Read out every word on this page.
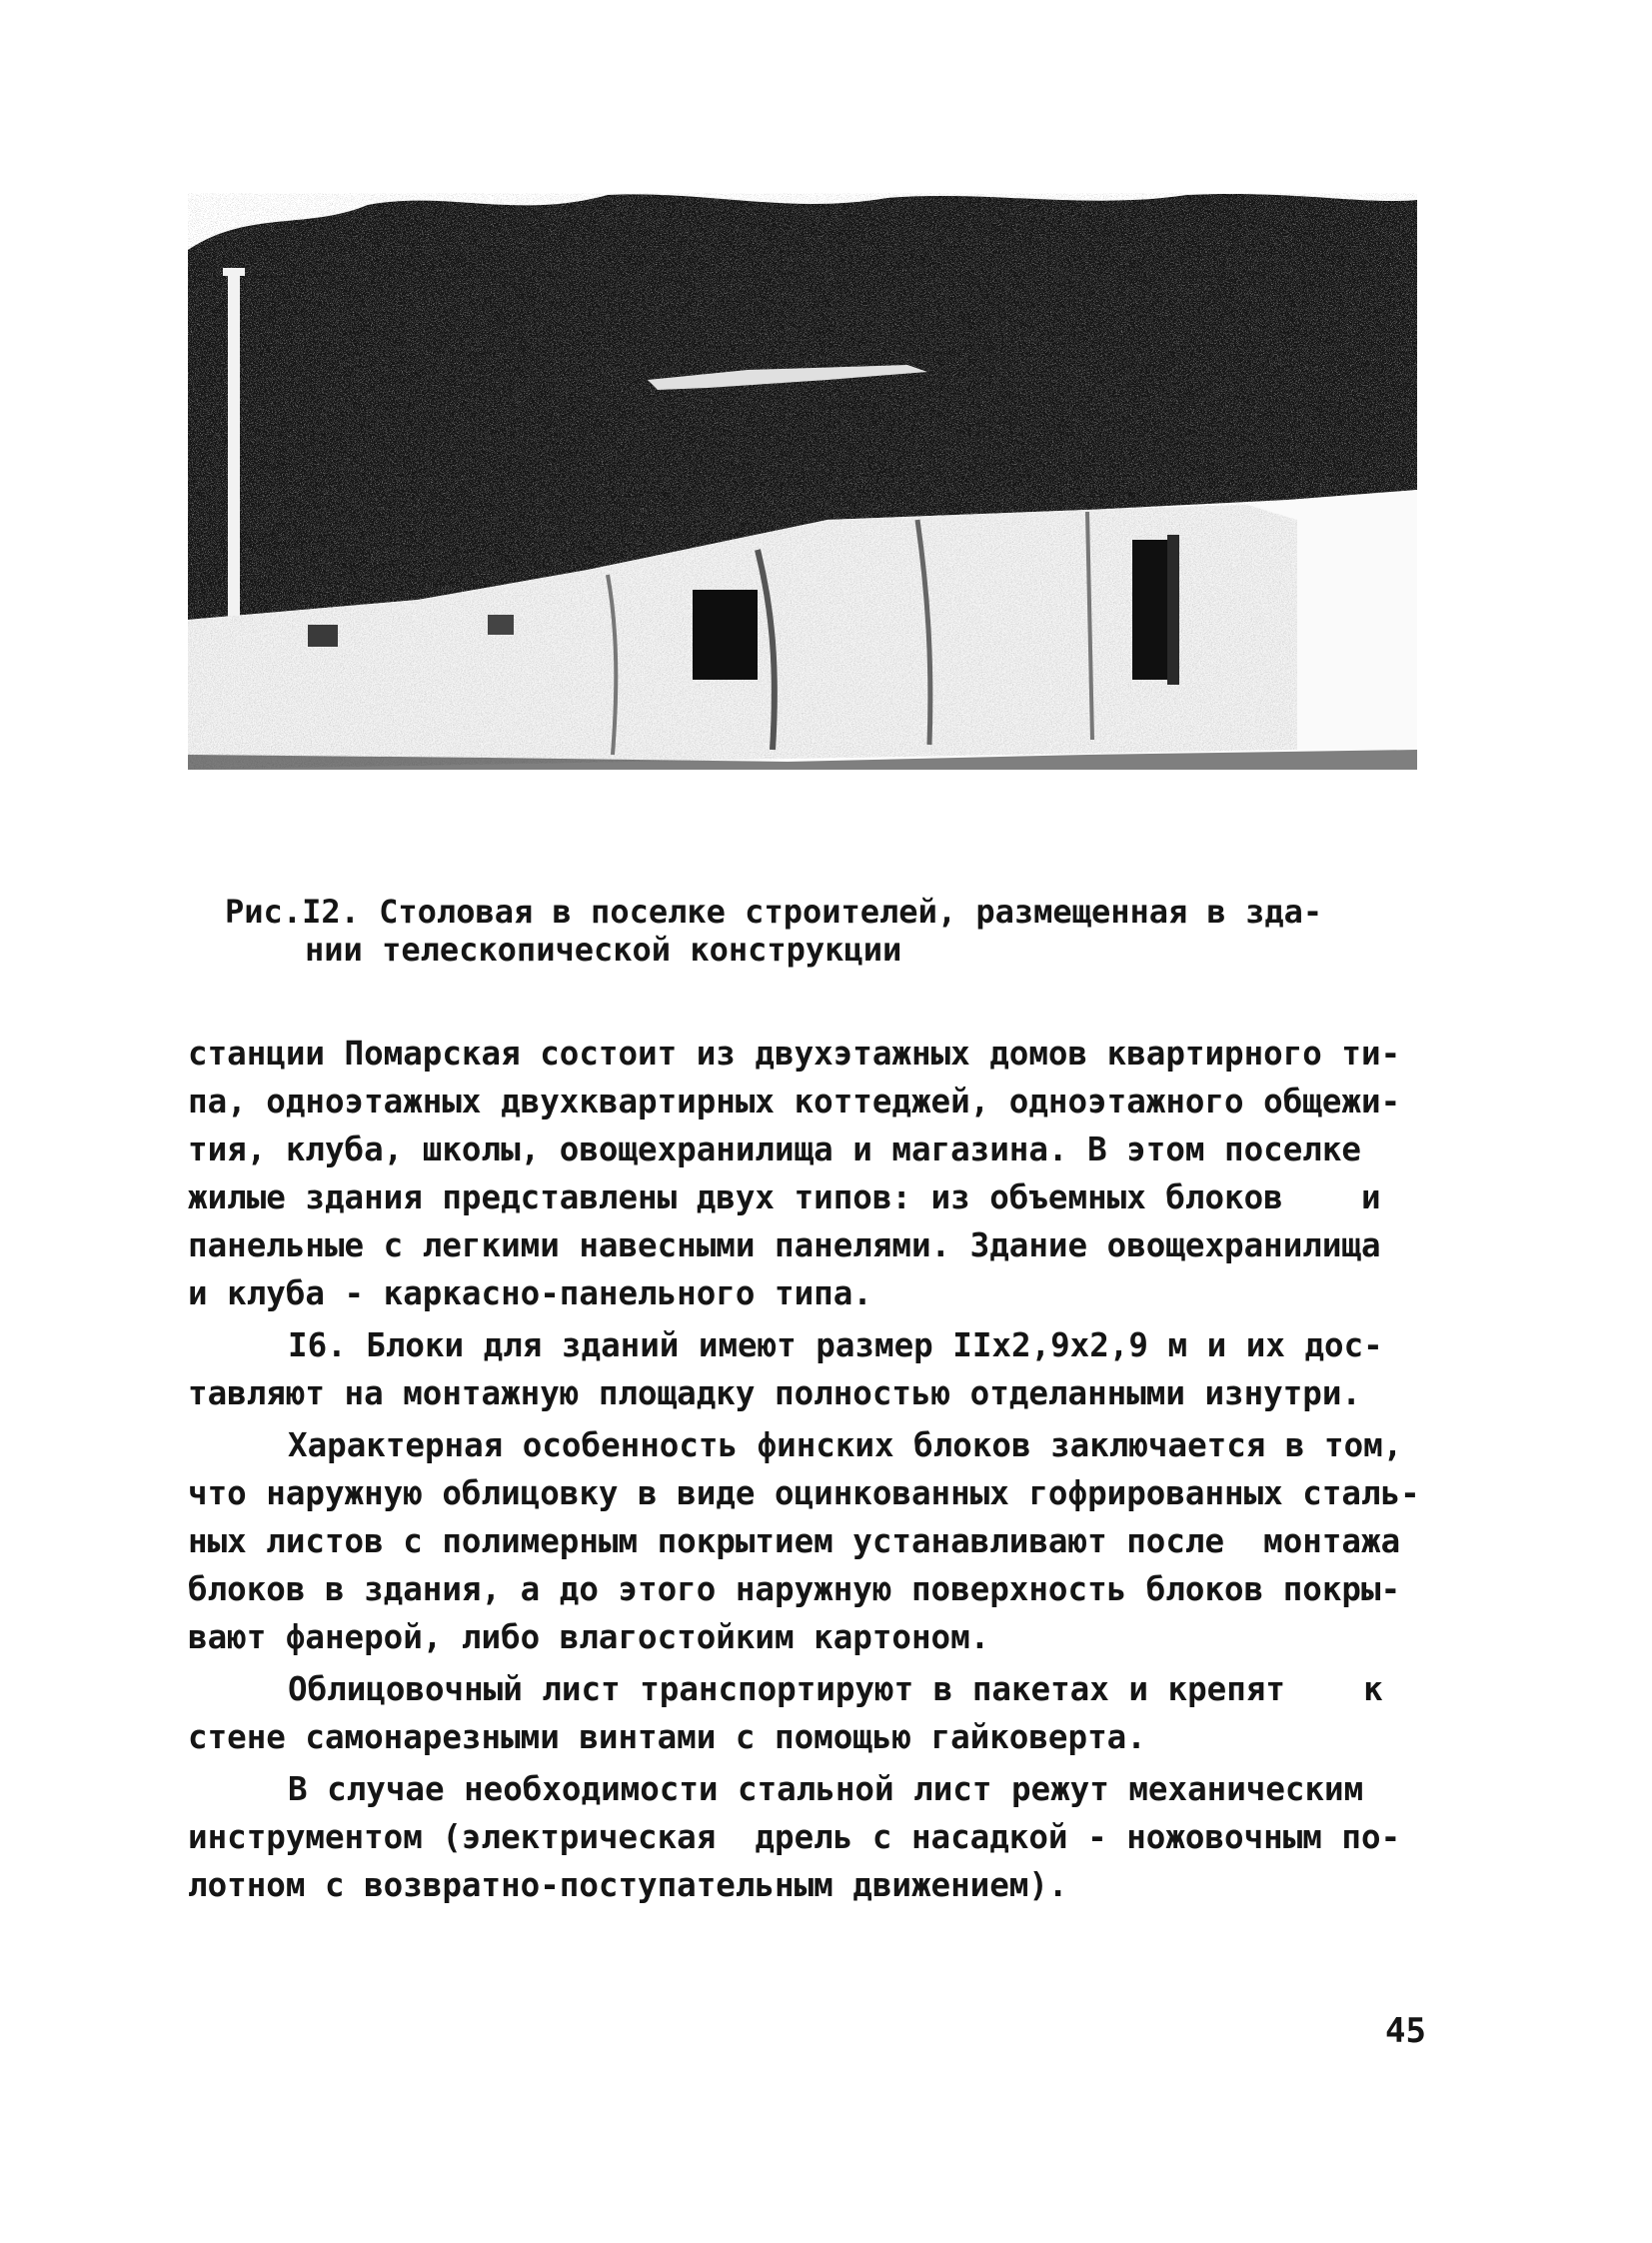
Рис.I2. Столовая в поселке строителей, размещенная в зда-
нии телескопической конструкции
станции Помарская состоит из двухэтажных домов квартирного ти-
па, одноэтажных двухквартирных коттеджей, одноэтажного общежи-
тия, клуба, школы, овощехранилища и магазина. В этом поселке
жилые здания представлены двух типов: из объемных блоков    и
панельные с легкими навесными панелями. Здание овощехранилища
и клуба - каркасно-панельного типа.
I6. Блоки для зданий имеют размер IIx2,9x2,9 м и их дос-
тавляют на монтажную площадку полностью отделанными изнутри.
Характерная особенность финских блоков заключается в том,
что наружную облицовку в виде оцинкованных гофрированных сталь-
ных листов с полимерным покрытием устанавливают после  монтажа
блоков в здания, а до этого наружную поверхность блоков покры-
вают фанерой, либо влагостойким картоном.
Облицовочный лист транспортируют в пакетах и крепят    к
стене самонарезными винтами с помощью гайковерта.
В случае необходимости стальной лист режут механическим
инструментом (электрическая  дрель с насадкой - ножовочным по-
лотном с возвратно-поступательным движением).
45
